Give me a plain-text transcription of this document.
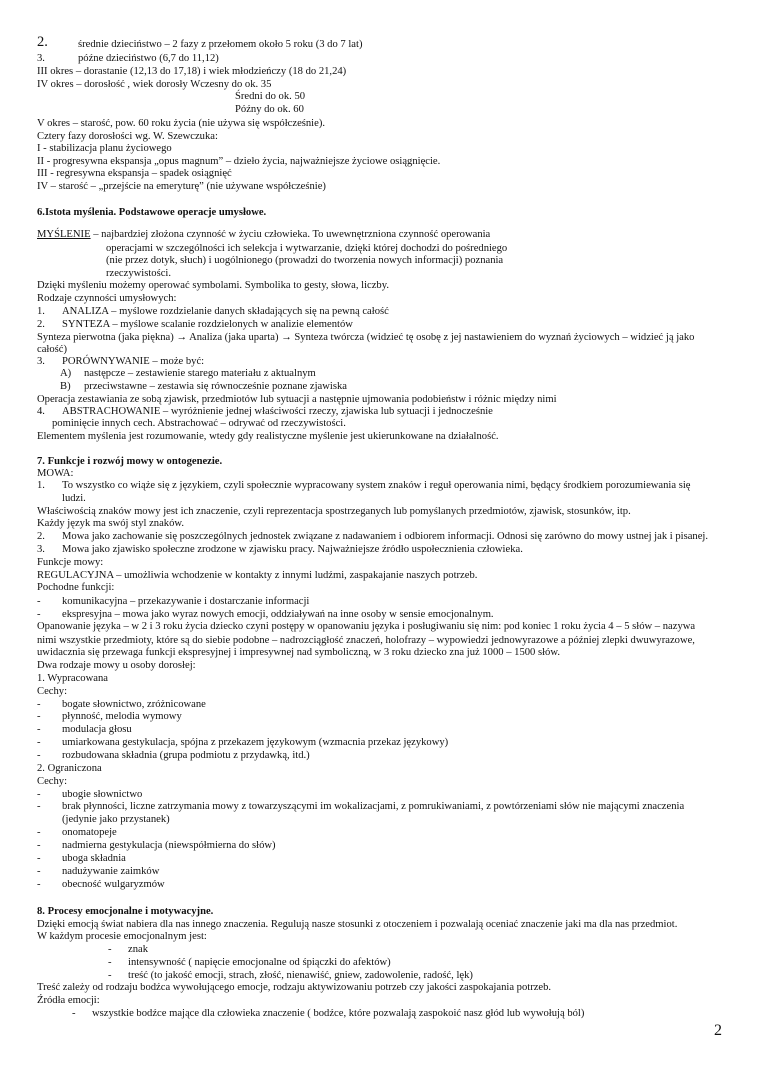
2.	średnie dzieciństwo – 2 fazy z przełomem około 5 roku (3 do 7 lat)
3.	późne dzieciństwo (6,7 do 11,12)
III okres – dorastanie (12,13 do 17,18) i wiek młodzieńczy (18 do 21,24)
IV okres – dorosłość , wiek dorosły Wczesny do ok. 35
Średni do ok. 50
Późny do ok. 60
V okres – starość, pow. 60 roku życia (nie używa się współcześnie).
Cztery fazy dorosłości wg. W. Szewczuka:
I - stabilizacja planu życiowego
II - progresywna ekspansja „opus magnum” – dzieło życia, najważniejsze życiowe osiągnięcie.
III - regresywna ekspansja – spadek osiągnięć
IV – starość – „przejście na emeryturę” (nie używane współcześnie)
6.Istota myślenia. Podstawowe operacje umysłowe.
MYŚLENIE – najbardziej złożona czynność w życiu człowieka. To uwewnętrzniona czynność operowania
operacjami w szczególności ich selekcja i wytwarzanie, dzięki której dochodzi do pośredniego
(nie przez dotyk, słuch) i uogólnionego (prowadzi do tworzenia nowych informacji) poznania
rzeczywistości.
Dzięki myśleniu możemy operować symbolami. Symbolika to gesty, słowa, liczby.
Rodzaje czynności umysłowych:
1. ANALIZA – myślowe rozdzielanie danych składających się na pewną całość
2. SYNTEZA – myślowe scalanie rozdzielonych w analizie elementów
Synteza pierwotna (jaka piękna) → Analiza (jaka uparta) → Synteza twórcza (widzieć tę osobę z jej nastawieniem do wyznań życiowych – widzieć ją jako
całość)
3. PORÓWNYWANIE – może być:
A) następcze – zestawienie starego materiału z aktualnym
B) przeciwstawne – zestawia się równocześnie poznane zjawiska
Operacja zestawiania ze sobą zjawisk, przedmiotów lub sytuacji a następnie ujmowania podobieństw i różnic między nimi
4. ABSTRACHOWANIE – wyróżnienie jednej właściwości rzeczy, zjawiska lub sytuacji i jednocześnie
pominięcie innych cech. Abstrachować – odrywać od rzeczywistości.
Elementem myślenia jest rozumowanie, wtedy gdy realistyczne myślenie jest ukierunkowane na działalność.
7. Funkcje i rozwój mowy w ontogenezie.
MOWA:
1. To wszystko co wiąże się z językiem, czyli społecznie wypracowany system znaków i reguł operowania nimi, będący środkiem porozumiewania się
ludzi.
Właściwością znaków mowy jest ich znaczenie, czyli reprezentacja spostrzeganych lub pomyślanych przedmiotów, zjawisk, stosunków, itp.
Każdy język ma swój styl znaków.
2. Mowa jako zachowanie się poszczególnych jednostek związane z nadawaniem i odbiorem informacji. Odnosi się zarówno do mowy ustnej jak i pisanej.
3. Mowa jako zjawisko społeczne zrodzone w zjawisku pracy. Najważniejsze źródło uspołecznienia człowieka.
Funkcje mowy:
REGULACYJNA – umożliwia wchodzenie w kontakty z innymi ludźmi, zaspakajanie naszych potrzeb.
Pochodne funkcji:
- komunikacyjna – przekazywanie i dostarczanie informacji
- ekspresyjna – mowa jako wyraz nowych emocji, oddziaływań na inne osoby w sensie emocjonalnym.
Opanowanie języka – w 2 i 3 roku życia dziecko czyni postępy w opanowaniu języka i posługiwaniu się nim: pod koniec 1 roku życia 4 – 5 słów – nazywa
nimi wszystkie przedmioty, które są do siebie podobne – nadrozciągłość znaczeń, holofrazy – wypowiedzi jednowyrazowe a później zlepki dwuwyrazowe,
uwidacznia się przewaga funkcji ekspresyjnej i impresywnej nad symboliczną, w 3 roku dziecko zna już 1000 – 1500 słów.
Dwa rodzaje mowy u osoby dorosłej:
1. Wypracowana
Cechy:
- bogate słownictwo, zróżnicowane
- płynność, melodia wymowy
- modulacja głosu
- umiarkowana gestykulacja, spójna z przekazem językowym (wzmacnia przekaz językowy)
- rozbudowana składnia (grupa podmiotu z przydawką, itd.)
2. Ograniczona
Cechy:
- ubogie słownictwo
- brak płynności, liczne zatrzymania mowy z towarzyszącymi im wokalizacjami, z pomrukiwaniami, z powtórzeniami słów nie mającymi znaczenia
(jedynie jako przystanek)
- onomatopeje
- nadmierna gestykulacja (niewspółmierna do słów)
- uboga składnia
- nadużywanie zaimków
- obecność wulgaryzmów
8. Procesy emocjonalne i motywacyjne.
Dzięki emocją świat nabiera dla nas innego znaczenia. Regulują nasze stosunki z otoczeniem i pozwalają oceniać znaczenie jaki ma dla nas przedmiot.
W każdym procesie emocjonalnym jest:
- znak
- intensywność ( napięcie emocjonalne od śpiączki do afektów)
- treść (to jakość emocji, strach, złość, nienawiść, gniew, zadowolenie, radość, lęk)
Treść zależy od rodzaju bodźca wywołującego emocje, rodzaju aktywizowaniu potrzeb czy jakości zaspokajania potrzeb.
Źródła emocji:
- wszystkie bodźce mające dla człowieka znaczenie ( bodźce, które pozwalają zaspokoić nasz głód lub wywołują ból)
2
